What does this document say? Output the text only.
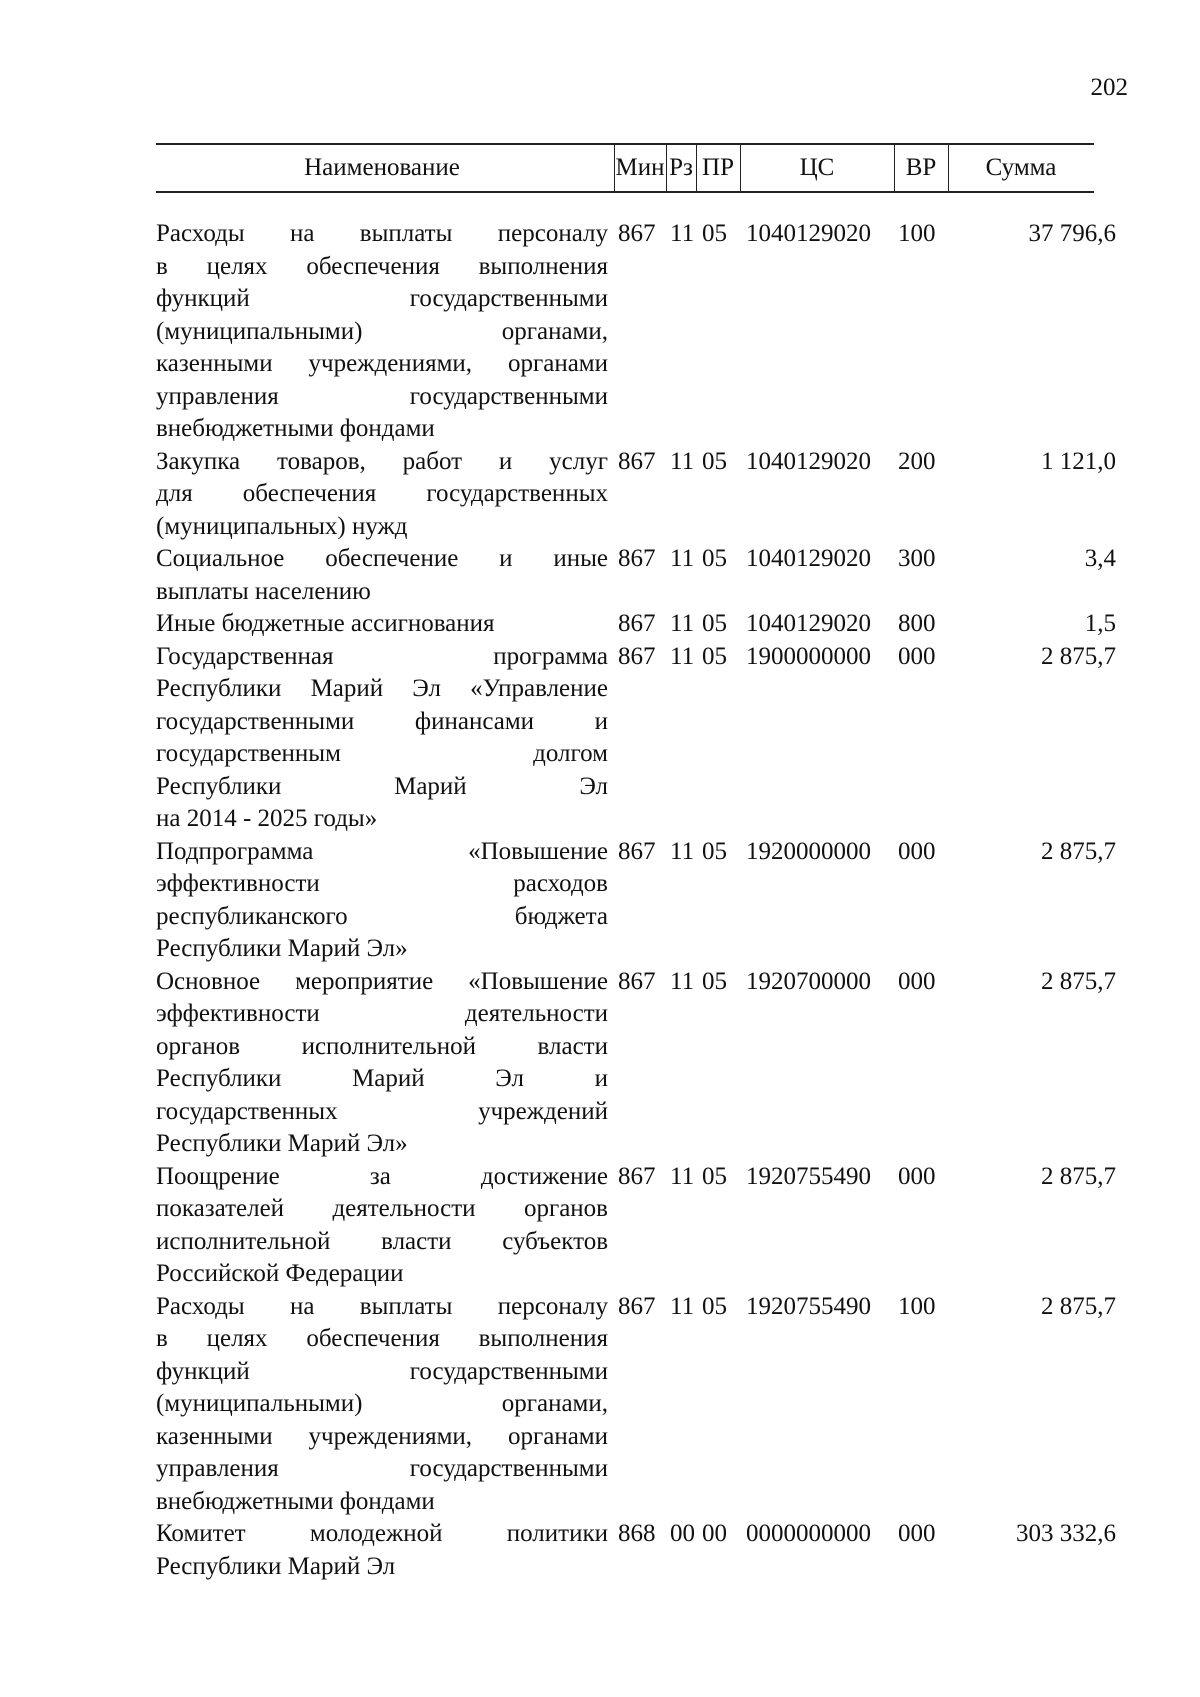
202
Наименование	Мин Рз ПР	ЦС	ВР	Сумма
Расходы на выплаты персоналу
в целях обеспечения выполнения
функций государственными
(муниципальными) органами,
казенными учреждениями, органами
управления государственными
внебюджетными фондами
867 11 05 1040129020 100	37 796,6
Закупка товаров, работ и услуг
для обеспечения государственных
(муниципальных) нужд
867 11 05 1040129020 200	1 121,0
Социальное обеспечение и иные
выплаты населению
867 11 05 1040129020 300	3,4
Иные бюджетные ассигнования	867 11 05 1040129020 800	1,5
Государственная программа
Республики Марий Эл «Управление
государственными финансами и
государственным долгом
Республики Марий Эл
на 2014 - 2025 годы»
867 11 05 1900000000 000	2 875,7
Подпрограмма «Повышение
эффективности расходов
республиканского бюджета
Республики Марий Эл»
867 11 05 1920000000 000	2 875,7
Основное мероприятие «Повышение
эффективности деятельности
органов исполнительной власти
Республики Марий Эл и
государственных учреждений
Республики Марий Эл»
867 11 05 1920700000 000	2 875,7
Поощрение за достижение
показателей деятельности органов
исполнительной власти субъектов
Российской Федерации
867 11 05 1920755490 000	2 875,7
Расходы на выплаты персоналу
в целях обеспечения выполнения
функций государственными
(муниципальными) органами,
казенными учреждениями, органами
управления государственными
внебюджетными фондами
867 11 05 1920755490 100	2 875,7
Комитет молодежной политики
Республики Марий Эл
868 00 00 0000000000 000	303 332,6
